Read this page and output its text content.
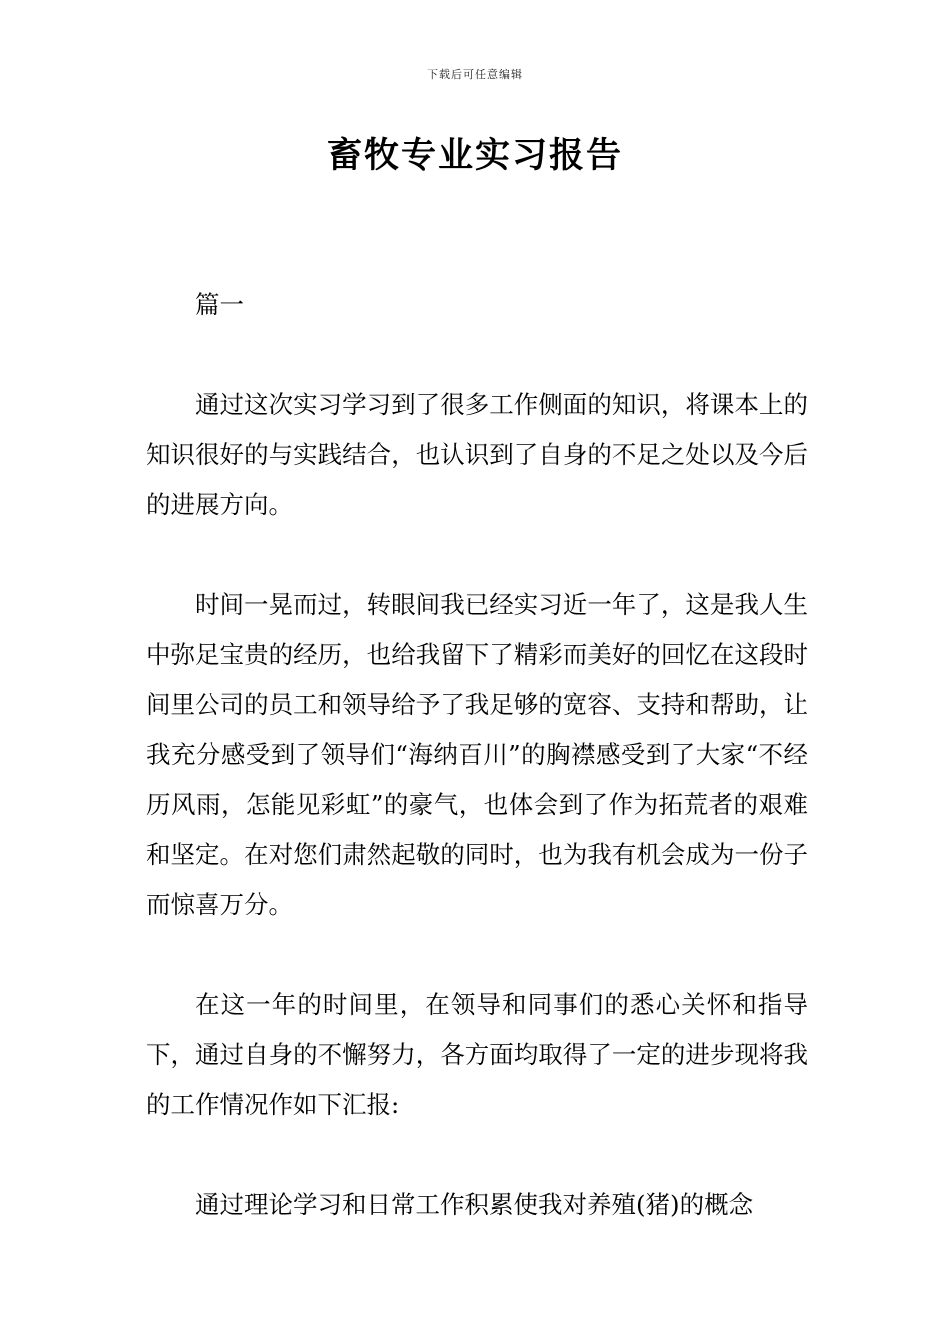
下载后可任意编辑
畜牧专业实习报告

篇一

通过这次实习学习到了很多工作侧面的知识，将课本上的知识很好的与实践结合，也认识到了自身的不足之处以及今后的进展方向。

时间一晃而过，转眼间我已经实习近一年了，这是我人生中弥足宝贵的经历，也给我留下了精彩而美好的回忆在这段时间里公司的员工和领导给予了我足够的宽容、支持和帮助，让我充分感受到了领导们“海纳百川”的胸襟感受到了大家“不经历风雨，怎能见彩虹”的豪气，也体会到了作为拓荒者的艰难和坚定。在对您们肃然起敬的同时，也为我有机会成为一份子而惊喜万分。

在这一年的时间里，在领导和同事们的悉心关怀和指导下，通过自身的不懈努力，各方面均取得了一定的进步现将我的工作情况作如下汇报:

通过理论学习和日常工作积累使我对养殖(猪)的概念
